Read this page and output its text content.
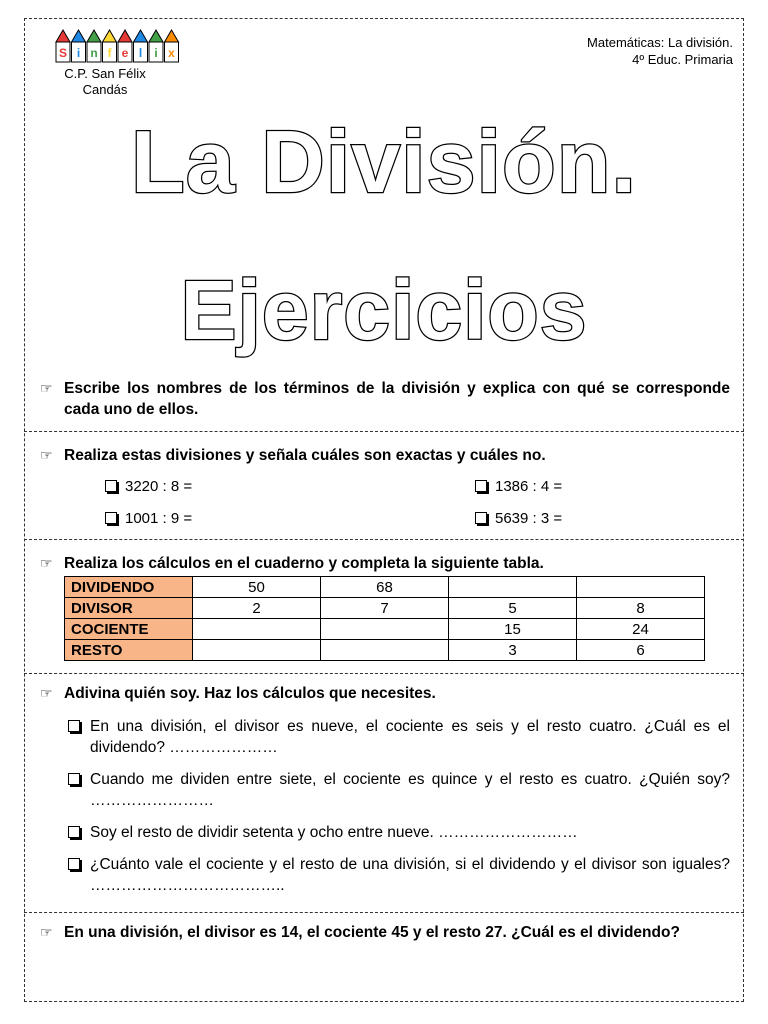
S i n f e l i x
C.P. San Félix
Candás
Matemáticas: La división.
4º Educ. Primaria
La División.
Ejercicios
☞ Escribe los nombres de los términos de la división y explica con qué se corresponde cada uno de ellos.
☞ Realiza estas divisiones y señala cuáles son exactas y cuáles no.
3220 : 8 =	1386 : 4 =
1001 : 9 =	5639 : 3 =
☞ Realiza los cálculos en el cuaderno y completa la siguiente tabla.
DIVIDENDO	50	68		
DIVISOR	2	7	5	8
COCIENTE			15	24
RESTO			3	6
☞ Adivina quién soy. Haz los cálculos que necesites.
En una división, el divisor es nueve, el cociente es seis y el resto cuatro. ¿Cuál es el dividendo? …………………
Cuando me dividen entre siete, el cociente es quince y el resto es cuatro. ¿Quién soy? ……………………
Soy el resto de dividir setenta y ocho entre nueve. ………………………
¿Cuánto vale el cociente y el resto de una división, si el dividendo y el divisor son iguales? ………………………………..
☞ En una división, el divisor es 14, el cociente 45 y el resto 27. ¿Cuál es el dividendo?
